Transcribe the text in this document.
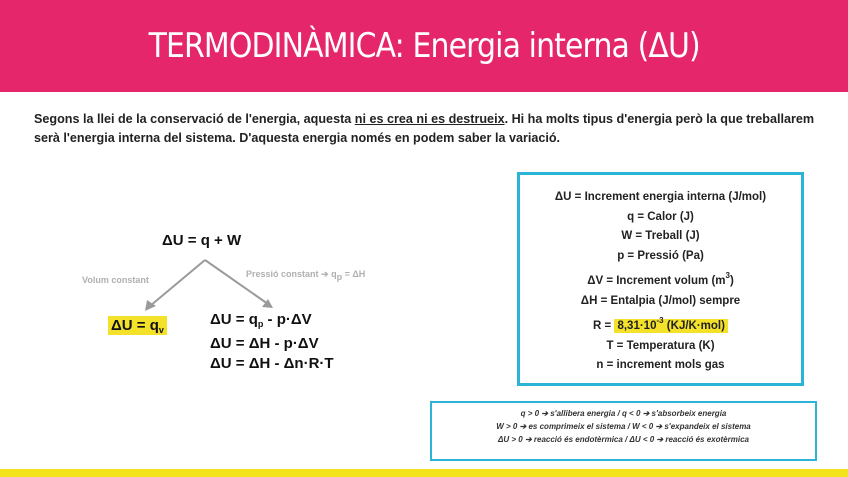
TERMODINÀMICA: Energia interna (ΔU)
Segons la llei de la conservació de l'energia, aquesta ni es crea ni es destrueix. Hi ha molts tipus d'energia però la que treballarem serà l'energia interna del sistema. D'aquesta energia només en podem saber la variació.
ΔU = q + W
Volum constant
Pressió constant ➔ $q_p = \Delta H$
$\Delta U = q_v$
$\Delta U = q_p - p\cdot\Delta V$
ΔU = ΔH - p·ΔV
ΔU = ΔH - Δn·R·T
ΔU = Increment energia interna (J/mol)
q = Calor (J)
W = Treball (J)
p = Pressió (Pa)
ΔV = Increment volum $(m^3)$
ΔH = Entalpia (J/mol) sempre
$R = 8,31\cdot 10^{-3}$ (KJ/K·mol)
T = Temperatura (K)
n = increment mols gas
q > 0 ➔ s'allibera energia / q < 0 ➔ s'absorbeix energia
W > 0 ➔ es comprimeix el sistema / W < 0 ➔ s'expandeix el sistema
ΔU > 0 ➔ reacció és endotèrmica / ΔU < 0 ➔ reacció és exotèrmica
